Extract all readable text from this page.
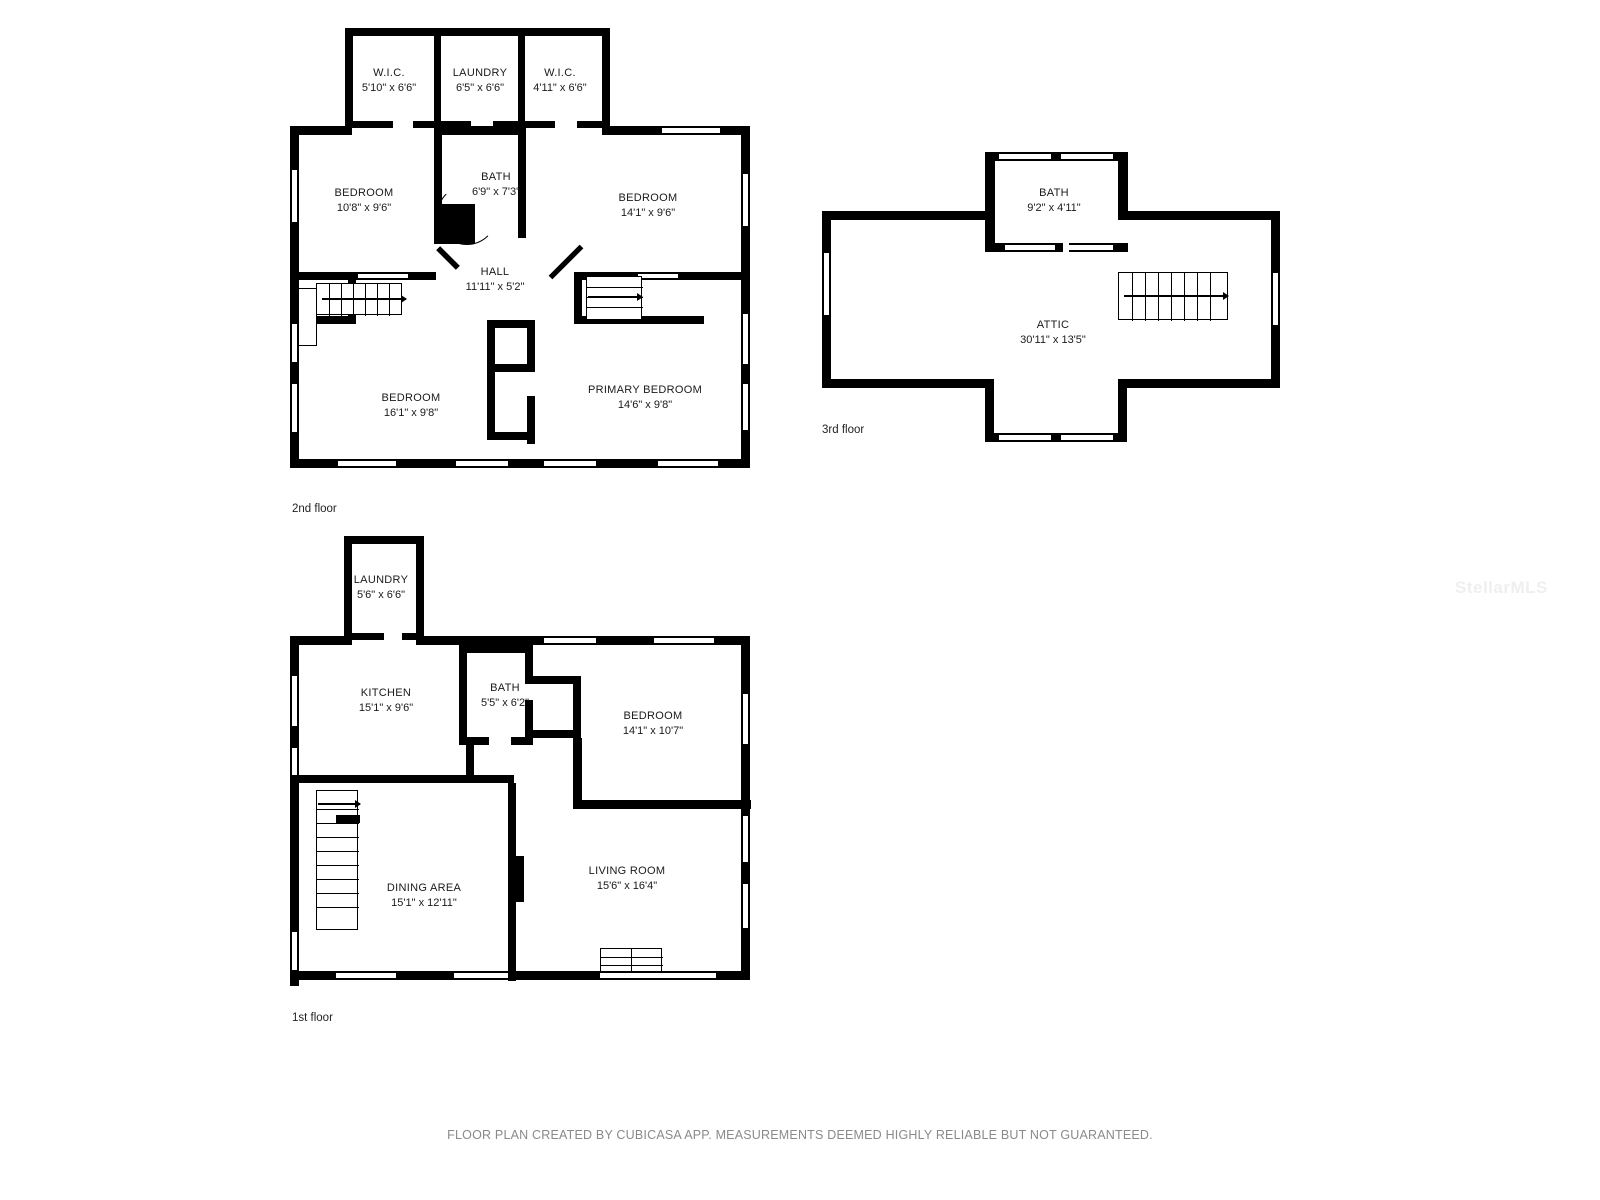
W.I.C.
5'10" x 6'6"
LAUNDRY
6'5" x 6'6"
W.I.C.
4'11" x 6'6"
BEDROOM
10'8" x 9'6"
BATH
6'9" x 7'3"	BEDROOM
14'1" x 9'6"
HALL
11'11" x 5'2"
BEDROOM
16'1" x 9'8"
PRIMARY BEDROOM
14'6" x 9'8"
2nd floor
BATH
9'2" x 4'11"
ATTIC
30'11" x 13'5"
3rd floor
LAUNDRY
5'6" x 6'6"
KITCHEN
15'1" x 9'6"
BATH
5'5" x 6'2"
BEDROOM
14'1" x 10'7"
DINING AREA
15'1" x 12'11"
LIVING ROOM
15'6" x 16'4"
1st floor
StellarMLS
FLOOR PLAN CREATED BY CUBICASA APP. MEASUREMENTS DEEMED HIGHLY RELIABLE BUT NOT GUARANTEED.
